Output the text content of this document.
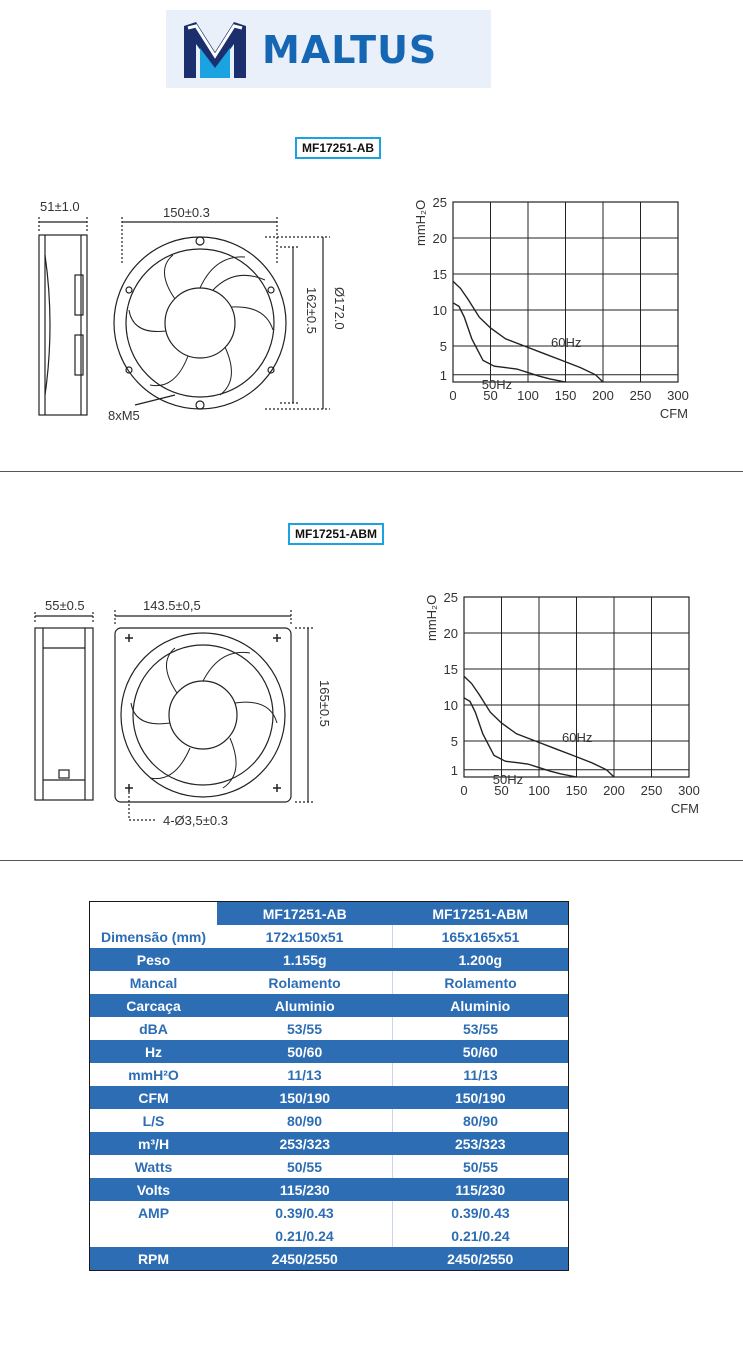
MALTUS
MF17251-AB
51±1.0	150±0.3
8xM5
162±0.5 Ø172.0
0 50 100 150 200 250 300
1
5
10
15
20
25
mmH₂O
CFM
50Hz
60Hz
MF17251-ABM
55±0.5	143.5±0,5
4-Ø3,5±0.3
165±0.5
0 50 100 150 200 250 300
1
5
10
15
20
25
mmH₂O
CFM
50Hz
60Hz
	MF17251-AB	MF17251-ABM
Dimensão (mm)	172x150x51	165x165x51
Peso	1.155g	1.200g
Mancal	Rolamento	Rolamento
Carcaça	Aluminio	Aluminio
dBA	53/55	53/55
Hz	50/60	50/60
mmH²O	11/13	11/13
CFM	150/190	150/190
L/S	80/90	80/90
m³/H	253/323	253/323
Watts	50/55	50/55
Volts	115/230	115/230
AMP	0.39/0.43	0.39/0.43
	0.21/0.24	0.21/0.24
RPM	2450/2550	2450/2550
